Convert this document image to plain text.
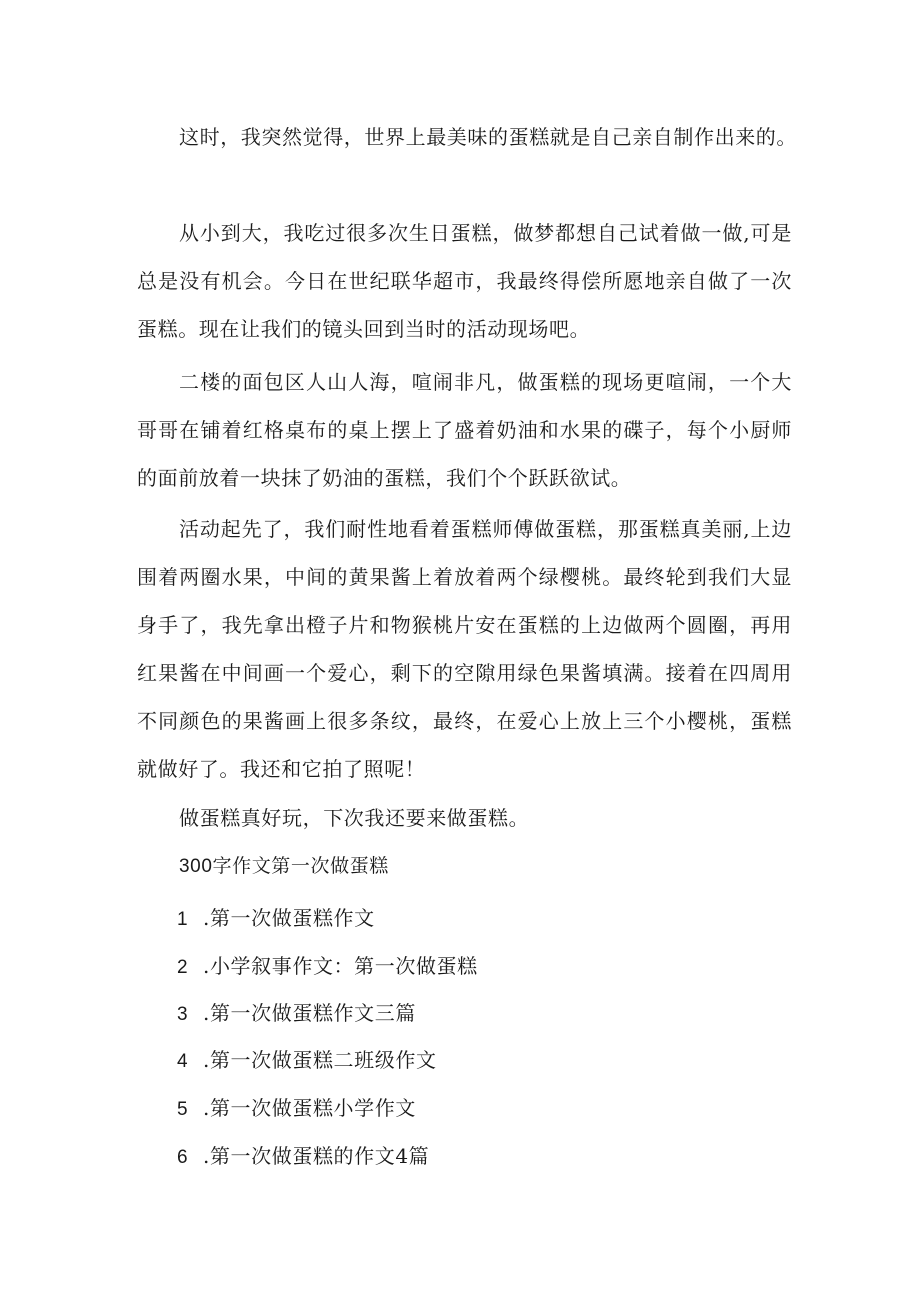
这时，我突然觉得，世界上最美味的蛋糕就是自己亲自制作出来的。

从小到大，我吃过很多次生日蛋糕，做梦都想自己试着做一做,可是总是没有机会。今日在世纪联华超市，我最终得偿所愿地亲自做了一次蛋糕。现在让我们的镜头回到当时的活动现场吧。

二楼的面包区人山人海，喧闹非凡，做蛋糕的现场更喧闹，一个大哥哥在铺着红格桌布的桌上摆上了盛着奶油和水果的碟子，每个小厨师的面前放着一块抹了奶油的蛋糕，我们个个跃跃欲试。

活动起先了，我们耐性地看着蛋糕师傅做蛋糕，那蛋糕真美丽,上边围着两圈水果，中间的黄果酱上着放着两个绿樱桃。最终轮到我们大显身手了，我先拿出橙子片和物猴桃片安在蛋糕的上边做两个圆圈，再用红果酱在中间画一个爱心，剩下的空隙用绿色果酱填满。接着在四周用不同颜色的果酱画上很多条纹，最终，在爱心上放上三个小樱桃，蛋糕就做好了。我还和它拍了照呢！

做蛋糕真好玩，下次我还要来做蛋糕。

300字作文第一次做蛋糕

1 .第一次做蛋糕作文
2 .小学叙事作文：第一次做蛋糕
3 .第一次做蛋糕作文三篇
4 .第一次做蛋糕二班级作文
5 .第一次做蛋糕小学作文
6 .第一次做蛋糕的作文4篇
